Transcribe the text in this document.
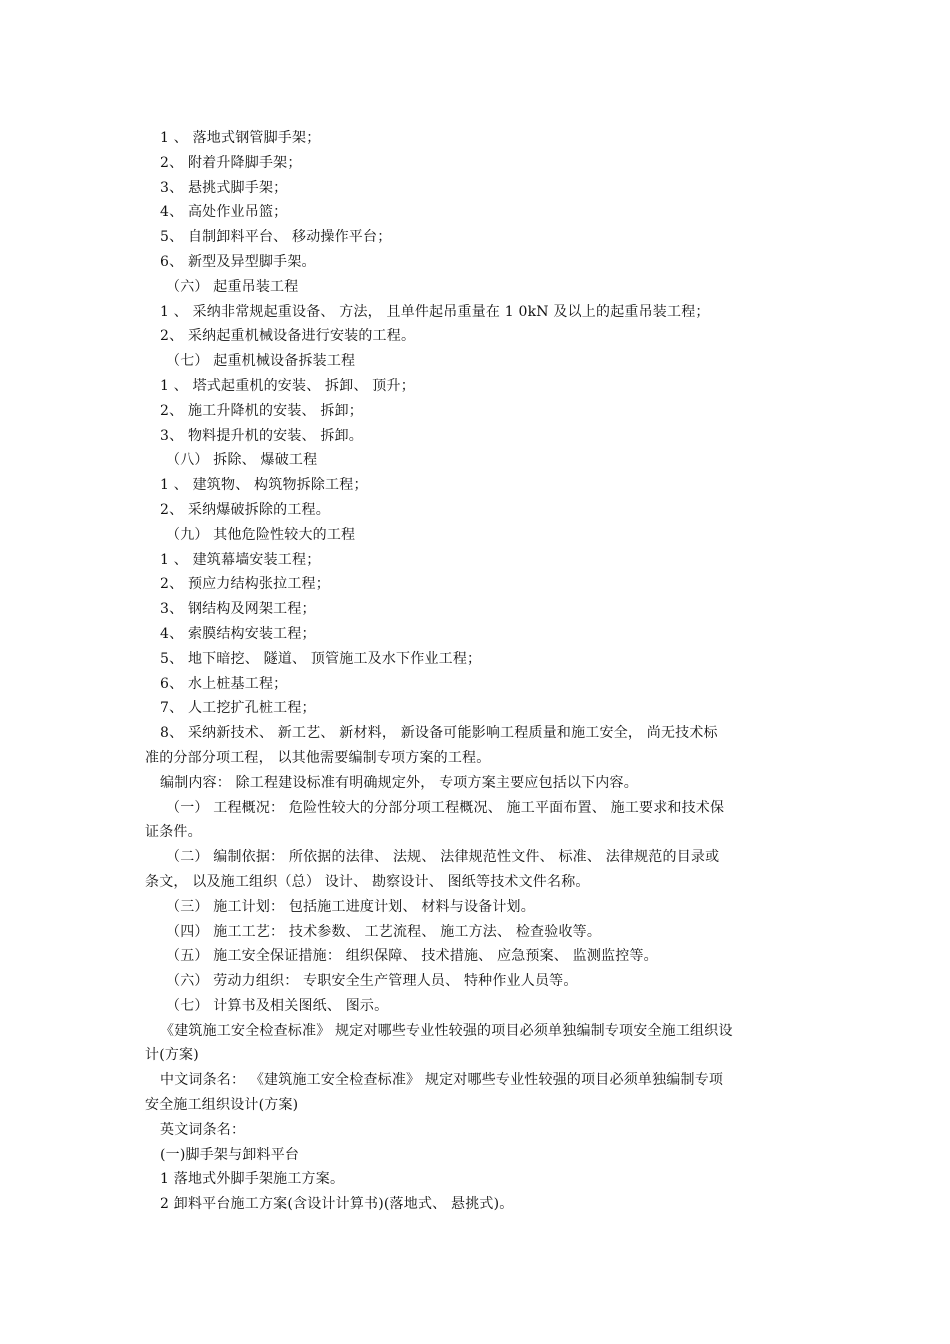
1 、 落地式钢管脚手架；

2、 附着升降脚手架；

3、 悬挑式脚手架；

4、 高处作业吊篮；

5、 自制卸料平台、 移动操作平台；

6、 新型及异型脚手架。

（六） 起重吊装工程

1 、 采纳非常规起重设备、 方法， 且单件起吊重量在 1 0kN 及以上的起重吊装工程；

2、 采纳起重机械设备进行安装的工程。

（七） 起重机械设备拆装工程

1 、 塔式起重机的安装、 拆卸、 顶升；

2、 施工升降机的安装、 拆卸；

3、 物料提升机的安装、 拆卸。

（八） 拆除、 爆破工程

1 、 建筑物、 构筑物拆除工程；

2、 采纳爆破拆除的工程。

（九） 其他危险性较大的工程

1 、 建筑幕墙安装工程；

2、 预应力结构张拉工程；

3、 钢结构及网架工程；

4、 索膜结构安装工程；

5、 地下暗挖、 隧道、 顶管施工及水下作业工程；

6、 水上桩基工程；

7、 人工挖扩孔桩工程；

8、 采纳新技术、 新工艺、 新材料， 新设备可能影响工程质量和施工安全， 尚无技术标

准的分部分项工程， 以其他需要编制专项方案的工程。

编制内容： 除工程建设标准有明确规定外， 专项方案主要应包括以下内容。

（一） 工程概况： 危险性较大的分部分项工程概况、 施工平面布置、 施工要求和技术保

证条件。

（二） 编制依据： 所依据的法律、 法规、 法律规范性文件、 标准、 法律规范的目录或

条文， 以及施工组织（总） 设计、 勘察设计、 图纸等技术文件名称。

（三） 施工计划： 包括施工进度计划、 材料与设备计划。

（四） 施工工艺： 技术参数、 工艺流程、 施工方法、 检查验收等。

（五） 施工安全保证措施： 组织保障、 技术措施、 应急预案、 监测监控等。

（六） 劳动力组织： 专职安全生产管理人员、 特种作业人员等。

（七） 计算书及相关图纸、 图示。

《建筑施工安全检查标准》 规定对哪些专业性较强的项目必须单独编制专项安全施工组织设

计(方案)

中文词条名： 《建筑施工安全检查标准》 规定对哪些专业性较强的项目必须单独编制专项

安全施工组织设计(方案)

英文词条名：

(一)脚手架与卸料平台

1 落地式外脚手架施工方案。

2 卸料平台施工方案(含设计计算书)(落地式、 悬挑式)。
